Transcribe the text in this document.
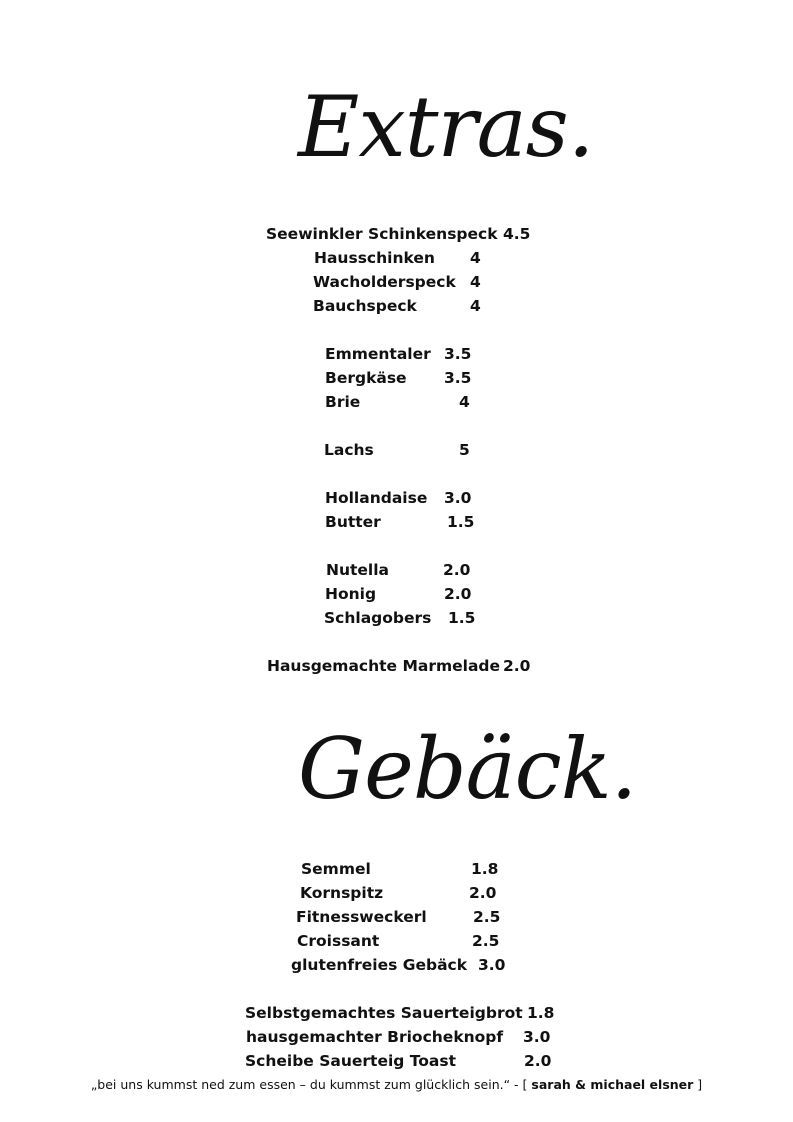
Extras.
Seewinkler Schinkenspeck 4.5
Hausschinken 4
Wacholderspeck 4
Bauchspeck	4
Emmentaler 3.5
Bergkäse 3.5
Brie	4
Lachs	5
Hollandaise 3.0
Butter	1.5
Nutella	2.0
Honig	2.0
Schlagobers 1.5
Hausgemachte Marmelade 2.0
Gebäck.
Semmel	1.8
Kornspitz	2.0
Fitnessweckerl	2.5
Croissant	2.5
glutenfreies Gebäck 3.0
Selbstgemachtes Sauerteigbrot 1.8
hausgemachter Briocheknopf 3.0
Scheibe Sauerteig Toast	2.0
„bei uns kummst ned zum essen – du kummst zum glücklich sein.“ - [ sarah & michael elsner ]
